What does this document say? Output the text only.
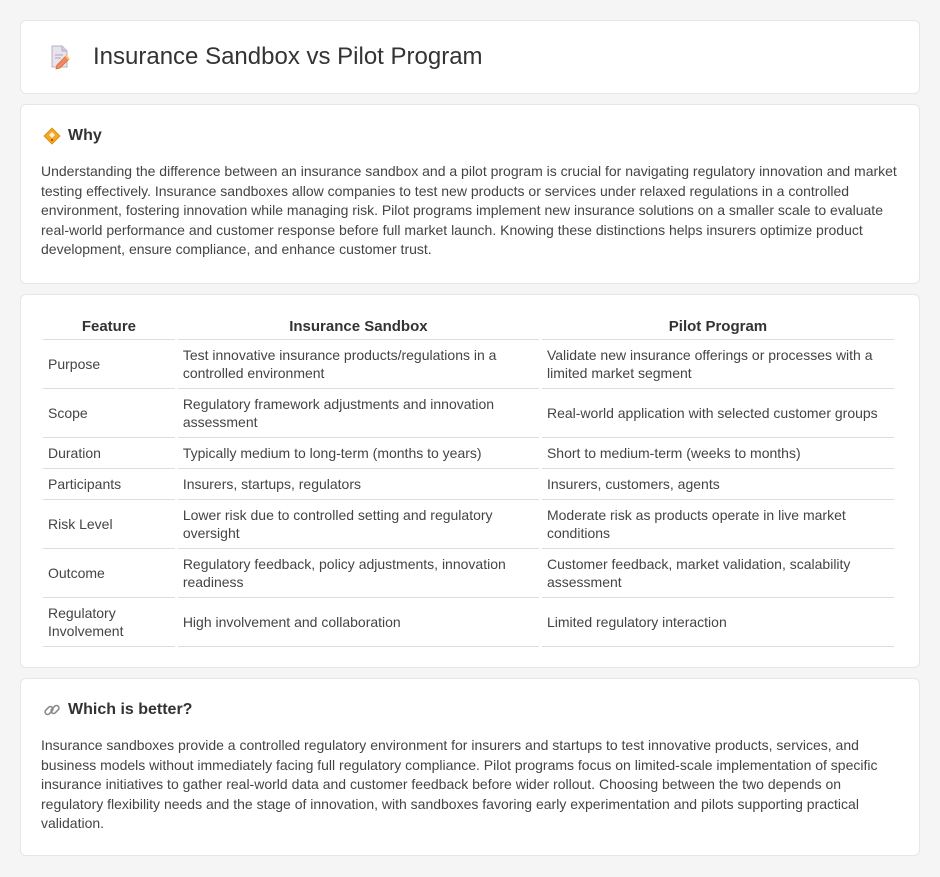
Insurance Sandbox vs Pilot Program
Why

Understanding the difference between an insurance sandbox and a pilot program is crucial for navigating regulatory innovation and market testing effectively. Insurance sandboxes allow companies to test new products or services under relaxed regulations in a controlled environment, fostering innovation while managing risk. Pilot programs implement new insurance solutions on a smaller scale to evaluate real-world performance and customer response before full market launch. Knowing these distinctions helps insurers optimize product development, ensure compliance, and enhance customer trust.

Feature	Insurance Sandbox	Pilot Program
Purpose	Test innovative insurance products/regulations in a controlled environment	Validate new insurance offerings or processes with a limited market segment
Scope	Regulatory framework adjustments and innovation assessment	Real-world application with selected customer groups
Duration	Typically medium to long-term (months to years)	Short to medium-term (weeks to months)
Participants	Insurers, startups, regulators	Insurers, customers, agents
Risk Level	Lower risk due to controlled setting and regulatory oversight	Moderate risk as products operate in live market conditions
Outcome	Regulatory feedback, policy adjustments, innovation readiness	Customer feedback, market validation, scalability assessment
Regulatory Involvement	High involvement and collaboration	Limited regulatory interaction
Which is better?

Insurance sandboxes provide a controlled regulatory environment for insurers and startups to test innovative products, services, and business models without immediately facing full regulatory compliance. Pilot programs focus on limited-scale implementation of specific insurance initiatives to gather real-world data and customer feedback before wider rollout. Choosing between the two depends on regulatory flexibility needs and the stage of innovation, with sandboxes favoring early experimentation and pilots supporting practical validation.
